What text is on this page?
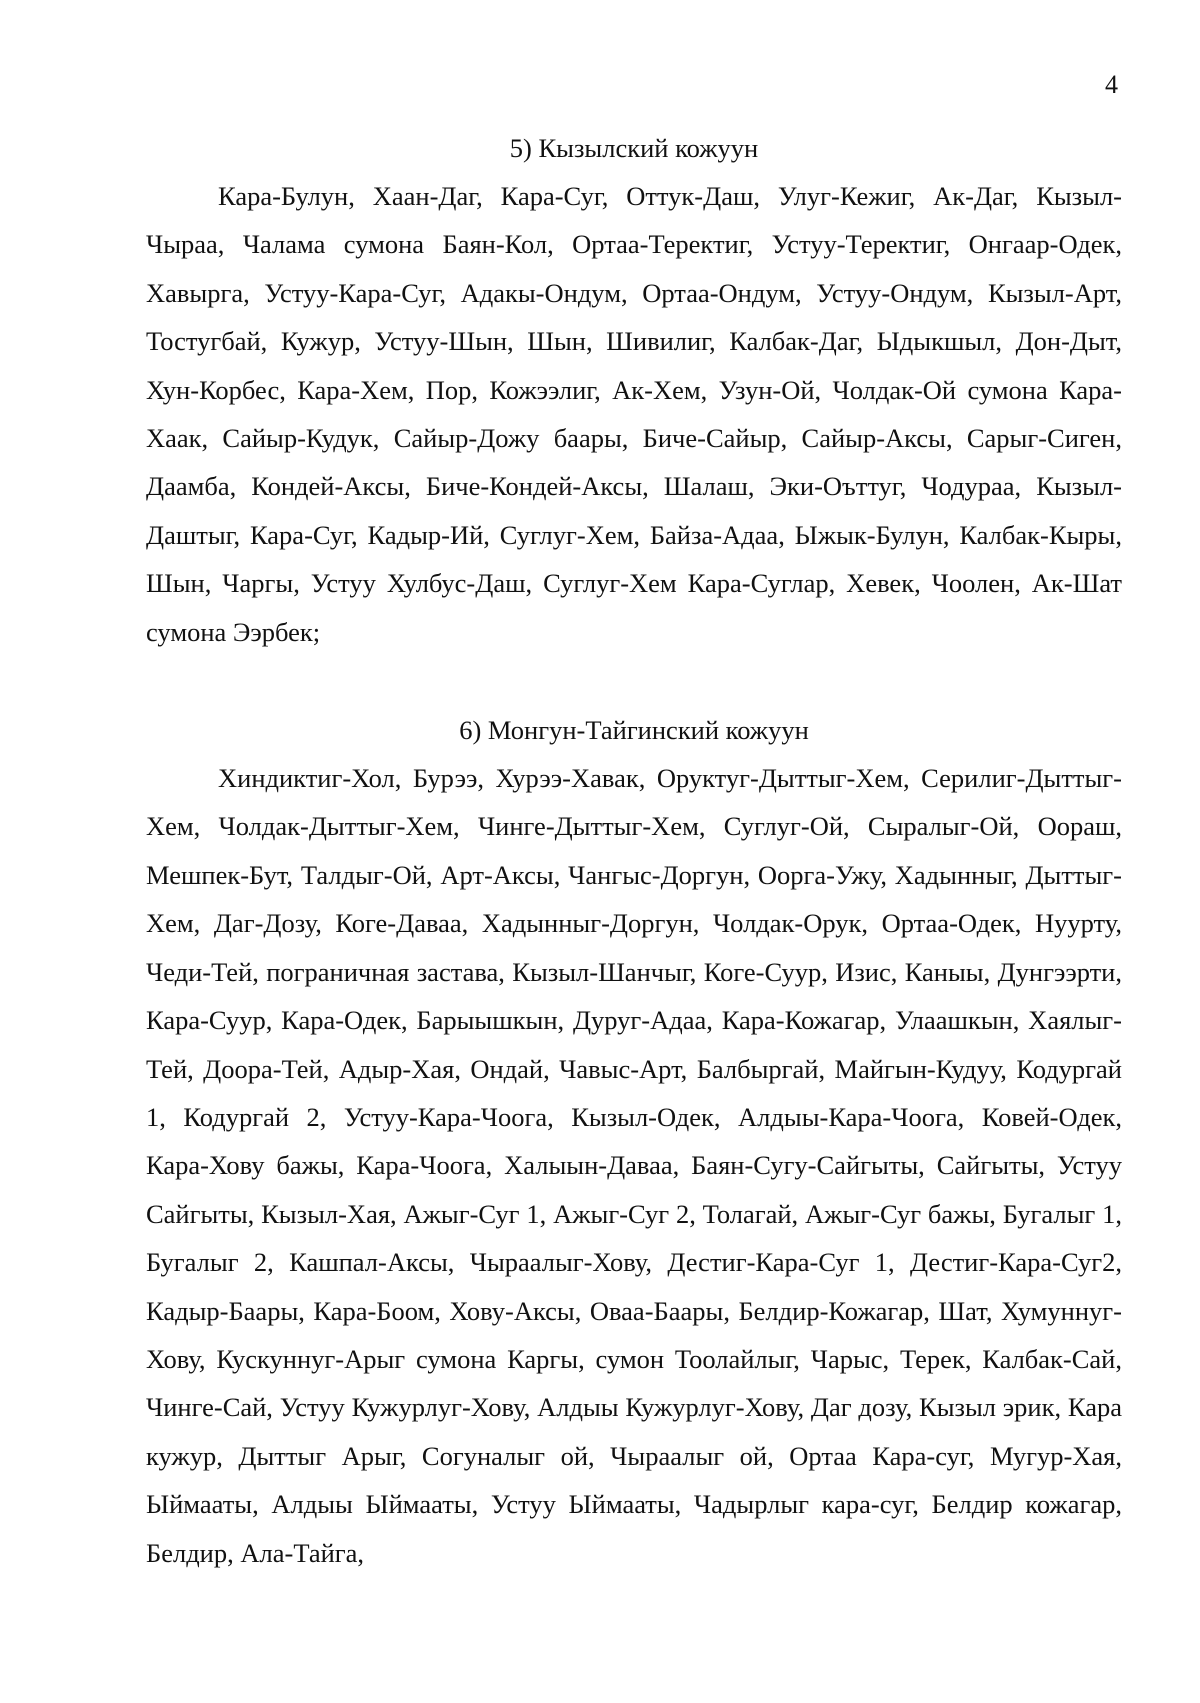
4
5) Кызылский кожуун

Кара-Булун, Хаан-Даг, Кара-Суг, Оттук-Даш, Улуг-Кежиг, Ак-Даг, Кызыл-Чыраа, Чалама сумона Баян-Кол, Ортаа-Теректиг, Устуу-Теректиг, Онгаар-Одек, Хавырга, Устуу-Кара-Суг, Адакы-Ондум, Ортаа-Ондум, Устуу-Ондум, Кызыл-Арт, Тостугбай, Кужур, Устуу-Шын, Шын, Шивилиг, Калбак-Даг, Ыдыкшыл, Дон-Дыт, Хун-Корбес, Кара-Хем, Пор, Кожээлиг, Ак-Хем, Узун-Ой, Чолдак-Ой сумона Кара-Хаак, Сайыр-Кудук, Сайыр-Дожу баары, Биче-Сайыр, Сайыр-Аксы, Сарыг-Сиген, Даамба, Кондей-Аксы, Биче-Кондей-Аксы, Шалаш, Эки-Оъттуг, Чодураа, Кызыл-Даштыг, Кара-Суг, Кадыр-Ий, Суглуг-Хем, Байза-Адаа, Ыжык-Булун, Калбак-Кыры, Шын, Чаргы, Устуу Хулбус-Даш, Суглуг-Хем Кара-Суглар, Хевек, Чоолен, Ак-Шат сумона Ээрбек;

6) Монгун-Тайгинский кожуун

Хиндиктиг-Хол, Бурээ, Хурээ-Хавак, Оруктуг-Дыттыг-Хем, Серилиг-Дыттыг-Хем, Чолдак-Дыттыг-Хем, Чинге-Дыттыг-Хем, Суглуг-Ой, Сыралыг-Ой, Оораш, Мешпек-Бут, Талдыг-Ой, Арт-Аксы, Чангыс-Доргун, Оорга-Ужу, Хадынныг, Дыттыг-Хем, Даг-Дозу, Коге-Даваа, Хадынныг-Доргун, Чолдак-Орук, Ортаа-Одек, Нуурту, Чеди-Тей, пограничная застава, Кызыл-Шанчыг, Коге-Суур, Изис, Каныы, Дунгээрти, Кара-Суур, Кара-Одек, Барыышкын, Дуруг-Адаа, Кара-Кожагар, Улаашкын, Хаялыг-Тей, Доора-Тей, Адыр-Хая, Ондай, Чавыс-Арт, Балбыргай, Майгын-Кудуу, Кодургай 1, Кодургай 2, Устуу-Кара-Чоога, Кызыл-Одек, Алдыы-Кара-Чоога, Ковей-Одек, Кара-Хову бажы, Кара-Чоога, Халыын-Даваа, Баян-Сугу-Сайгыты, Сайгыты, Устуу Сайгыты, Кызыл-Хая, Ажыг-Суг 1, Ажыг-Суг 2, Толагай, Ажыг-Суг бажы, Бугалыг 1, Бугалыг 2, Кашпал-Аксы, Чыраалыг-Хову, Дестиг-Кара-Суг 1, Дестиг-Кара-Суг2, Кадыр-Баары, Кара-Боом, Хову-Аксы, Оваа-Баары, Белдир-Кожагар, Шат, Хумуннуг-Хову, Кускуннуг-Арыг сумона Каргы, сумон Тоолайлыг, Чарыс, Терек, Калбак-Сай, Чинге-Сай, Устуу Кужурлуг-Хову, Алдыы Кужурлуг-Хову, Даг дозу, Кызыл эрик, Кара кужур, Дыттыг Арыг, Согуналыг ой, Чыраалыг ой, Ортаа Кара-суг, Мугур-Хая, Ыймааты, Алдыы Ыймааты, Устуу Ыймааты, Чадырлыг кара-суг, Белдир кожагар, Белдир, Ала-Тайга,
